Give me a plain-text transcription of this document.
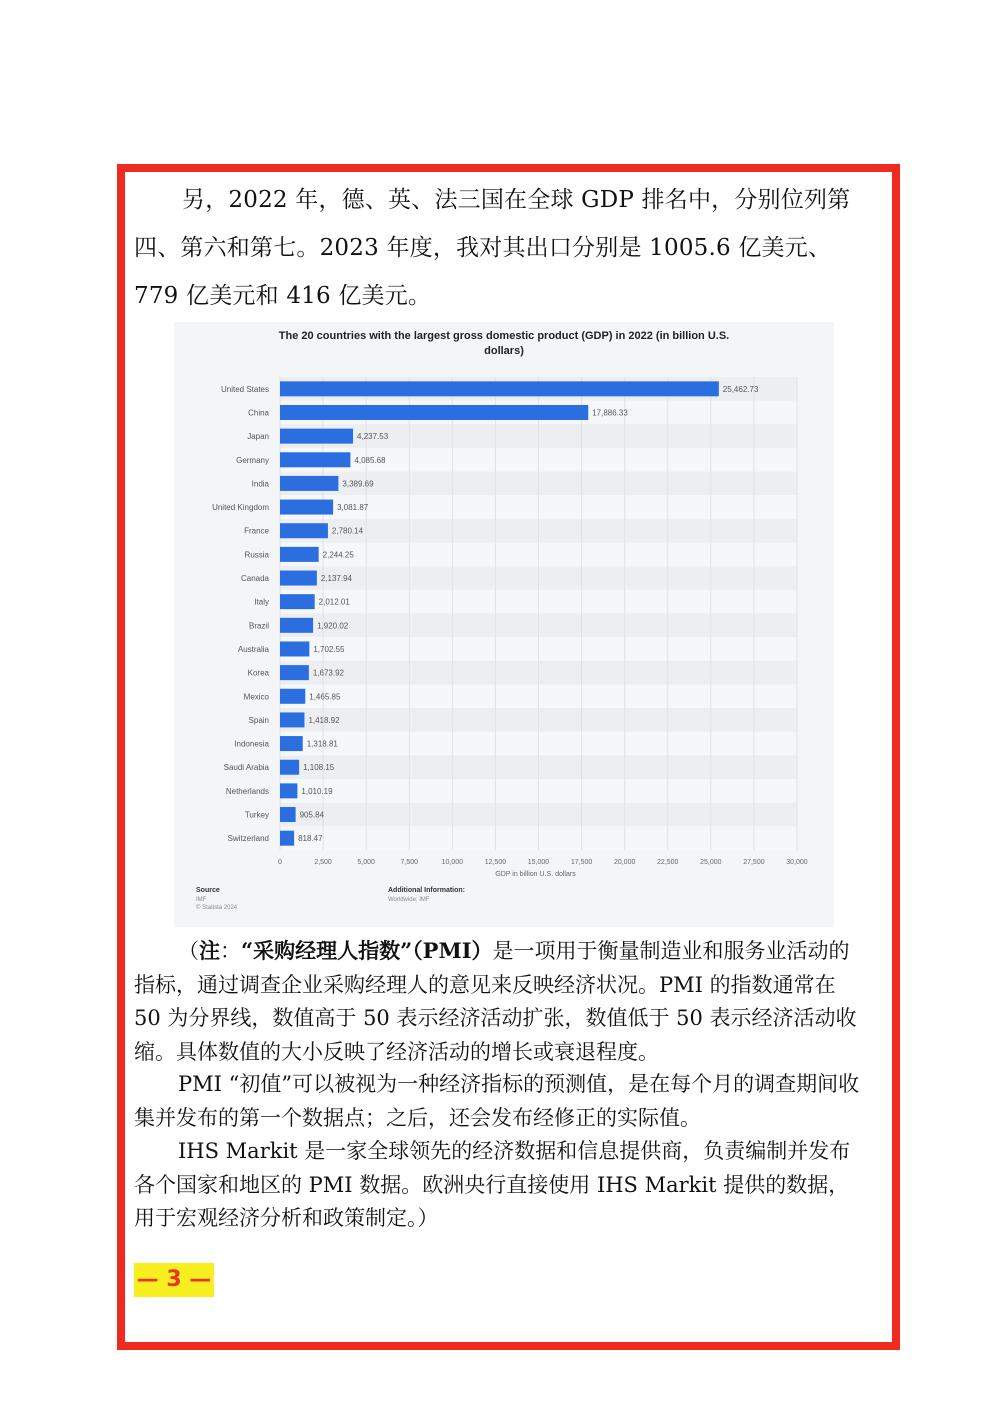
另，2022 年，德、英、法三国在全球 GDP 排名中，分别位列第四、第六和第七。2023 年度，我对其出口分别是 1005.6 亿美元、779 亿美元和 416 亿美元。

The 20 countries with the largest gross domestic product (GDP) in 2022 (in billion U.S.
dollars)
United States	25,462.73
China	17,886.33
Japan	4,237.53
Germany	4,085.68
India	3,389.69
United Kingdom	3,081.87
France	2,780.14
Russia	2,244.25
Canada	2,137.94
Italy	2,012.01
Brazil	1,920.02
Australia	1,702.55
Korea	1,673.92
Mexico	1,465.85
Spain	1,418.92
Indonesia	1,318.81
Saudi Arabia	1,108.15
Netherlands	1,010.19
Turkey	905.84
Switzerland	818.47
0	2,500	5,000	7,500	10,000	12,500	15,000	17,500	20,000	22,500	25,000	27,500	30,000
GDP in billion U.S. dollars
Source
IMF
© Statista 2024
Additional Information:
Worldwide; IMF

（注：“采购经理人指数”（PMI）是一项用于衡量制造业和服务业活动的指标，通过调查企业采购经理人的意见来反映经济状况。PMI 的指数通常在 50 为分界线，数值高于 50 表示经济活动扩张，数值低于 50 表示经济活动收缩。具体数值的大小反映了经济活动的增长或衰退程度。

PMI “初值”可以被视为一种经济指标的预测值，是在每个月的调查期间收集并发布的第一个数据点；之后，还会发布经修正的实际值。

IHS Markit 是一家全球领先的经济数据和信息提供商，负责编制并发布各个国家和地区的 PMI 数据。欧洲央行直接使用 IHS Markit 提供的数据，用于宏观经济分析和政策制定。）

— 3 —
